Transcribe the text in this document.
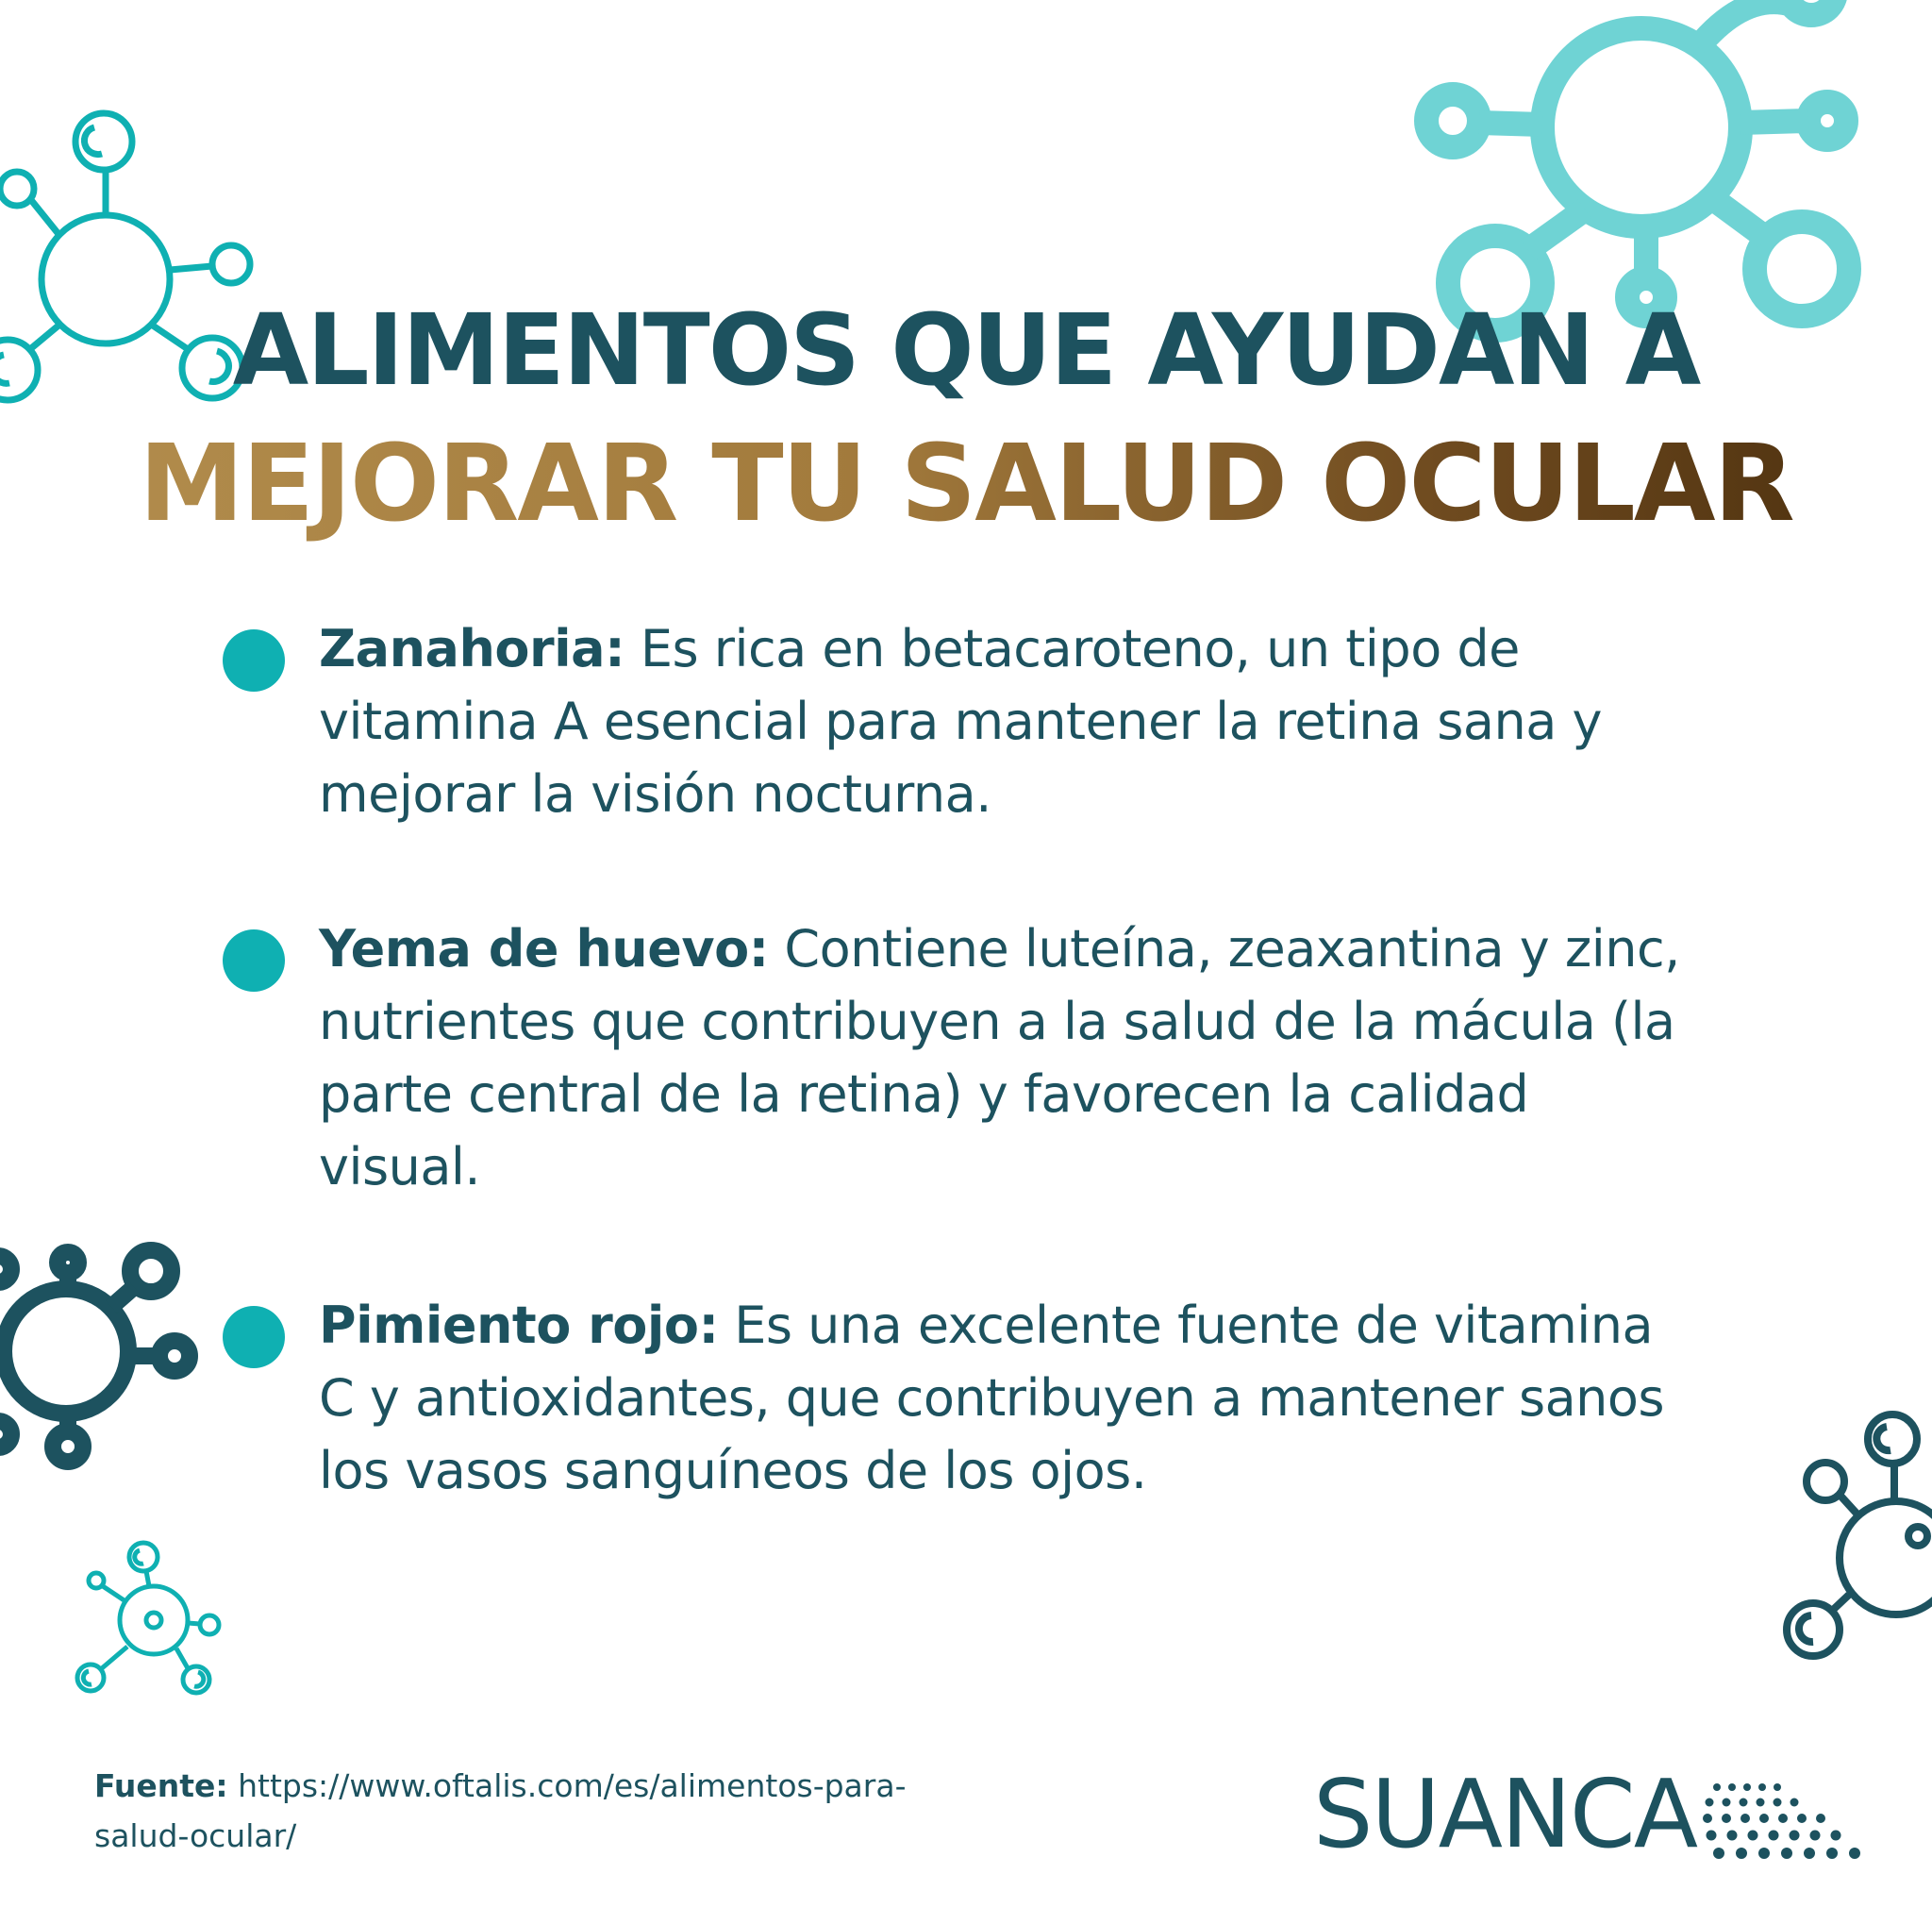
ALIMENTOS QUE AYUDAN A
MEJORAR TU SALUD OCULAR
Zanahoria: Es rica en betacaroteno, un tipo de vitamina A esencial para mantener la retina sana y mejorar la visión nocturna.
Yema de huevo: Contiene luteína, zeaxantina y zinc, nutrientes que contribuyen a la salud de la mácula (la parte central de la retina) y favorecen la calidad visual.
Pimiento rojo: Es una excelente fuente de vitamina C y antioxidantes, que contribuyen a mantener sanos los vasos sanguíneos de los ojos.
Fuente: https://www.oftalis.com/es/alimentos-para-salud-ocular/	SUANCA
